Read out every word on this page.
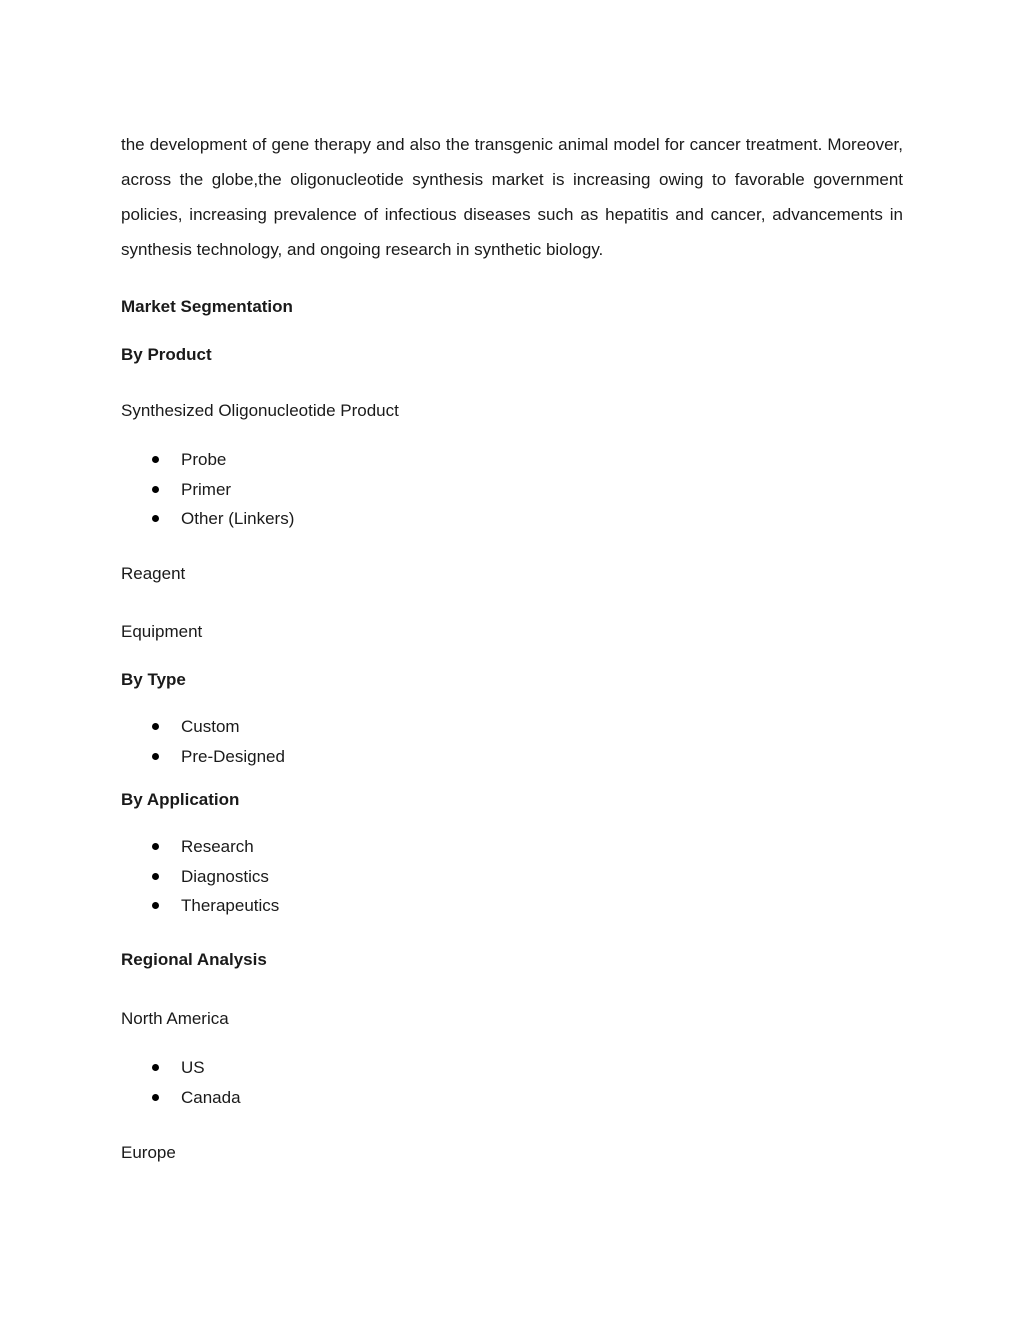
the development of gene therapy and also the transgenic animal model for cancer treatment. Moreover, across the globe,the oligonucleotide synthesis market is increasing owing to favorable government policies, increasing prevalence of infectious diseases such as hepatitis and cancer, advancements in synthesis technology, and ongoing research in synthetic biology.

Market Segmentation

By Product

Synthesized Oligonucleotide Product

Probe
Primer
Other (Linkers)

Reagent

Equipment

By Type

Custom
Pre-Designed

By Application

Research
Diagnostics
Therapeutics

Regional Analysis

North America

US
Canada

Europe
